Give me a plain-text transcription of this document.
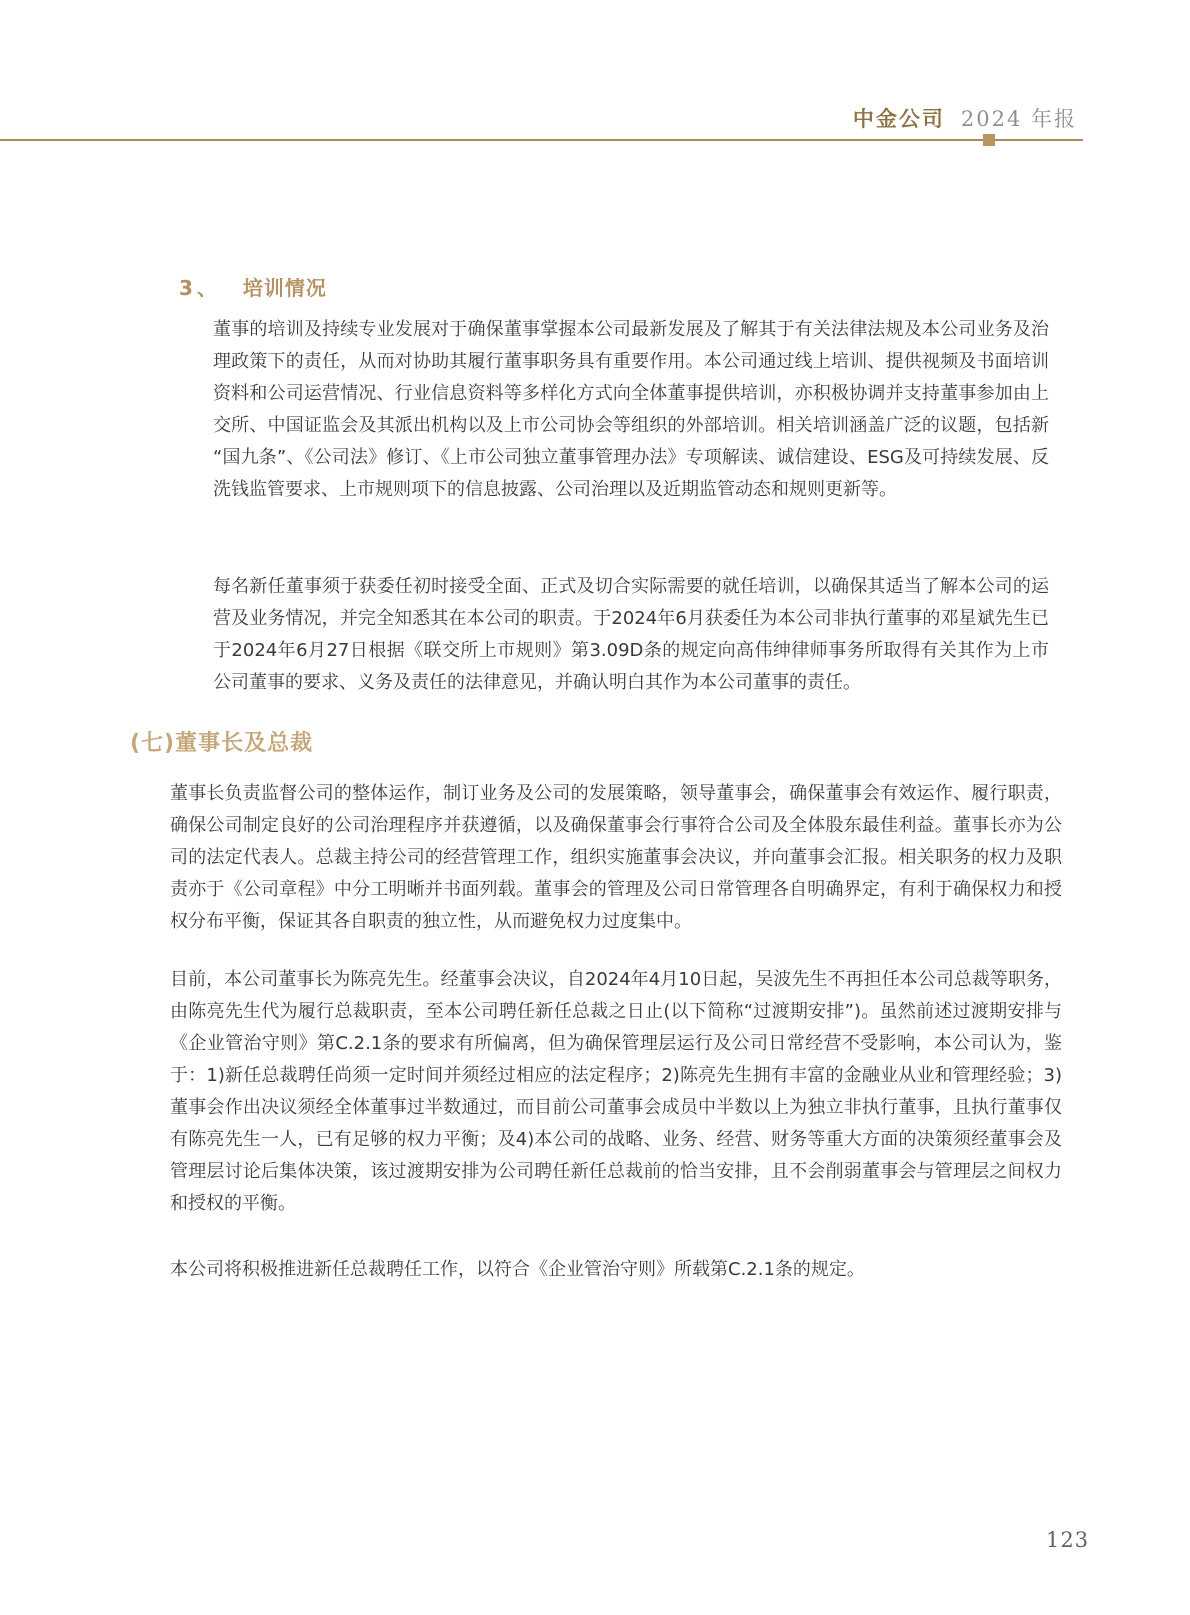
中金公司 2024 年报
3、 培训情况
董事的培训及持续专业发展对于确保董事掌握本公司最新发展及了解其于有关法律法规及本公司业务及治理政策下的责任，从而对协助其履行董事职务具有重要作用。本公司通过线上培训、提供视频及书面培训资料和公司运营情况、行业信息资料等多样化方式向全体董事提供培训，亦积极协调并支持董事参加由上交所、中国证监会及其派出机构以及上市公司协会等组织的外部培训。相关培训涵盖广泛的议题，包括新“国九条”、《公司法》修订、《上市公司独立董事管理办法》专项解读、诚信建设、ESG及可持续发展、反洗钱监管要求、上市规则项下的信息披露、公司治理以及近期监管动态和规则更新等。
每名新任董事须于获委任初时接受全面、正式及切合实际需要的就任培训，以确保其适当了解本公司的运营及业务情况，并完全知悉其在本公司的职责。于2024年6月获委任为本公司非执行董事的邓星斌先生已于2024年6月27日根据《联交所上市规则》第3.09D条的规定向高伟绅律师事务所取得有关其作为上市公司董事的要求、义务及责任的法律意见，并确认明白其作为本公司董事的责任。
(七)董事长及总裁
董事长负责监督公司的整体运作，制订业务及公司的发展策略，领导董事会，确保董事会有效运作、履行职责，确保公司制定良好的公司治理程序并获遵循，以及确保董事会行事符合公司及全体股东最佳利益。董事长亦为公司的法定代表人。总裁主持公司的经营管理工作，组织实施董事会决议，并向董事会汇报。相关职务的权力及职责亦于《公司章程》中分工明晰并书面列载。董事会的管理及公司日常管理各自明确界定，有利于确保权力和授权分布平衡，保证其各自职责的独立性，从而避免权力过度集中。
目前，本公司董事长为陈亮先生。经董事会决议，自2024年4月10日起，吴波先生不再担任本公司总裁等职务，由陈亮先生代为履行总裁职责，至本公司聘任新任总裁之日止(以下简称“过渡期安排”)。虽然前述过渡期安排与《企业管治守则》第C.2.1条的要求有所偏离，但为确保管理层运行及公司日常经营不受影响，本公司认为，鉴于：1)新任总裁聘任尚须一定时间并须经过相应的法定程序；2)陈亮先生拥有丰富的金融业从业和管理经验；3)董事会作出决议须经全体董事过半数通过，而目前公司董事会成员中半数以上为独立非执行董事，且执行董事仅有陈亮先生一人，已有足够的权力平衡；及4)本公司的战略、业务、经营、财务等重大方面的决策须经董事会及管理层讨论后集体决策，该过渡期安排为公司聘任新任总裁前的恰当安排，且不会削弱董事会与管理层之间权力和授权的平衡。
本公司将积极推进新任总裁聘任工作，以符合《企业管治守则》所载第C.2.1条的规定。
123
